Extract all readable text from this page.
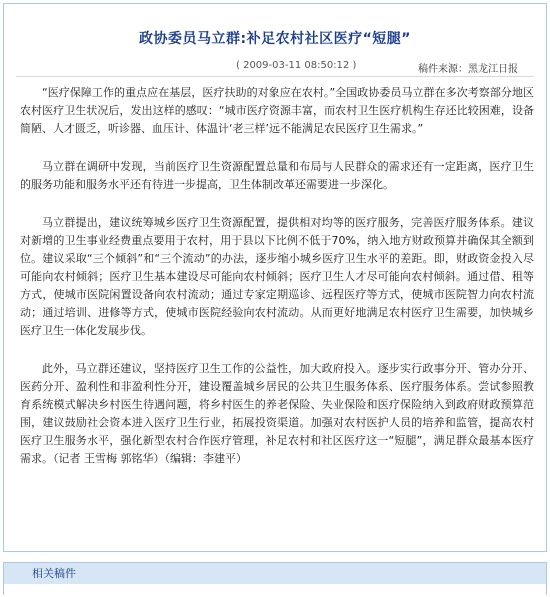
政协委员马立群:补足农村社区医疗“短腿”
( 2009-03-11 08:50:12 )	稿件来源：黑龙江日报

“医疗保障工作的重点应在基层，医疗扶助的对象应在农村。”全国政协委员马立群在多次考察部分地区农村医疗卫生状况后，发出这样的感叹：“城市医疗资源丰富，而农村卫生医疗机构生存还比较困难，设备简陋、人才匮乏，听诊器、血压计、体温计‘老三样’远不能满足农民医疗卫生需求。”

马立群在调研中发现，当前医疗卫生资源配置总量和布局与人民群众的需求还有一定距离，医疗卫生的服务功能和服务水平还有待进一步提高，卫生体制改革还需要进一步深化。

马立群提出，建议统筹城乡医疗卫生资源配置，提供相对均等的医疗服务，完善医疗服务体系。建议对新增的卫生事业经费重点要用于农村，用于县以下比例不低于70%，纳入地方财政预算并确保其全额到位。建议采取“三个倾斜”和“三个流动”的办法，逐步缩小城乡医疗卫生水平的差距。即，财政资金投入尽可能向农村倾斜；医疗卫生基本建设尽可能向农村倾斜；医疗卫生人才尽可能向农村倾斜。通过借、租等方式，使城市医院闲置设备向农村流动；通过专家定期巡诊、远程医疗等方式，使城市医院智力向农村流动；通过培训、进修等方式，使城市医院经验向农村流动。从而更好地满足农村医疗卫生需要，加快城乡医疗卫生一体化发展步伐。

此外，马立群还建议，坚持医疗卫生工作的公益性，加大政府投入。逐步实行政事分开、管办分开、医药分开、盈利性和非盈利性分开，建设覆盖城乡居民的公共卫生服务体系、医疗服务体系。尝试参照教育系统模式解决乡村医生待遇问题，将乡村医生的养老保险、失业保险和医疗保险纳入到政府财政预算范围，建议鼓励社会资本进入医疗卫生行业，拓展投资渠道。加强对农村医护人员的培养和监管，提高农村医疗卫生服务水平，强化新型农村合作医疗管理，补足农村和社区医疗这一“短腿”，满足群众最基本医疗需求。（记者 王雪梅 郭铭华）（编辑：李建平）

相关稿件
